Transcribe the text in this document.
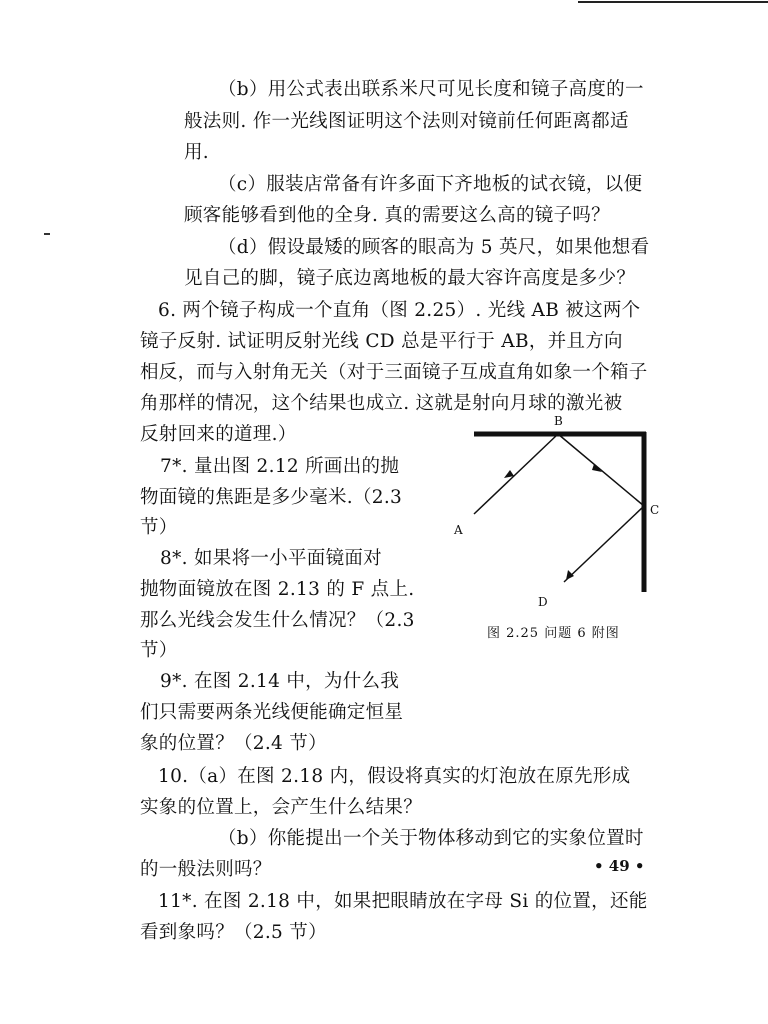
（b）用公式表出联系米尺可见长度和镜子高度的一
般法则. 作一光线图证明这个法则对镜前任何距离都适
用.
（c）服装店常备有许多面下齐地板的试衣镜，以便
顾客能够看到他的全身. 真的需要这么高的镜子吗？
（d）假设最矮的顾客的眼高为 5 英尺，如果他想看
见自己的脚，镜子底边离地板的最大容许高度是多少？
6. 两个镜子构成一个直角（图 2.25）. 光线 AB 被这两个
镜子反射. 试证明反射光线 CD 总是平行于 AB，并且方向
相反，而与入射角无关（对于三面镜子互成直角如象一个箱子
角那样的情况，这个结果也成立. 这就是射向月球的激光被
反射回来的道理.）
7*. 量出图 2.12 所画出的抛
物面镜的焦距是多少毫米.（2.3
节）
8*. 如果将一小平面镜面对
抛物面镜放在图 2.13 的 F 点上.
那么光线会发生什么情况？（2.3
节）
9*. 在图 2.14 中，为什么我
们只需要两条光线便能确定恒星
象的位置？（2.4 节）
10.（a）在图 2.18 内，假设将真实的灯泡放在原先形成
实象的位置上，会产生什么结果？
（b）你能提出一个关于物体移动到它的实象位置时
的一般法则吗？
11*. 在图 2.18 中，如果把眼睛放在字母 Si 的位置，还能
看到象吗？（2.5 节）
A
B
C
D
图 2.25 问题 6 附图
• 49 •
